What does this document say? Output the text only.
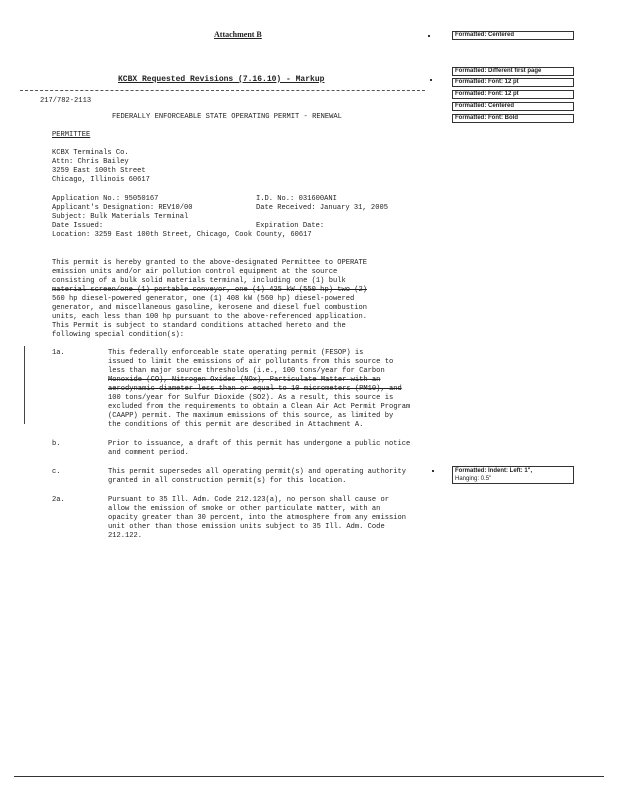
Attachment B
KCBX Requested Revisions (7.16.10) - Markup
217/782-2113
FEDERALLY ENFORCEABLE STATE OPERATING PERMIT - RENEWAL
PERMITTEE
KCBX Terminals Co.
Attn: Chris Bailey
3259 East 100th Street
Chicago, Illinois 60617
Application No.: 95050167	I.D. No.: 031600ANI
Applicant's Designation: REV10/00	Date Received: January 31, 2005
Subject: Bulk Materials Terminal
Date Issued:	Expiration Date:
Location: 3259 East 100th Street, Chicago, Cook County, 60617
This permit is hereby granted to the above-designated Permittee to OPERATE
emission units and/or air pollution control equipment at the source
consisting of a bulk solid materials terminal, including one (1) bulk
material screen/one (1) portable conveyor, one (1) 425 kW (550 hp) two (2)
560 hp diesel-powered generator, one (1) 408 kW (560 hp) diesel-powered
generator, and miscellaneous gasoline, kerosene and diesel fuel combustion
units, each less than 100 hp pursuant to the above-referenced application.
This Permit is subject to standard conditions attached hereto and the
following special condition(s):
1a.	This federally enforceable state operating permit (FESOP) is
issued to limit the emissions of air pollutants from this source to
less than major source thresholds (i.e., 100 tons/year for Carbon
Monoxide (CO), Nitrogen Oxides (NOx), Particulate Matter with an
aerodynamic diameter less than or equal to 10 micrometers (PM10), and
100 tons/year for Sulfur Dioxide (SO2). As a result, this source is
excluded from the requirements to obtain a Clean Air Act Permit Program
(CAAPP) permit. The maximum emissions of this source, as limited by
the conditions of this permit are described in Attachment A.
b.	Prior to issuance, a draft of this permit has undergone a public notice
and comment period.
c.	This permit supersedes all operating permit(s) and operating authority
granted in all construction permit(s) for this location.
2a.	Pursuant to 35 Ill. Adm. Code 212.123(a), no person shall cause or
allow the emission of smoke or other particulate matter, with an
opacity greater than 30 percent, into the atmosphere from any emission
unit other than those emission units subject to 35 Ill. Adm. Code
212.122.
Formatted: Centered
Formatted: Different first page
Formatted: Font: 12 pt
Formatted: Font: 12 pt
Formatted: Centered
Formatted: Font: Bold
Formatted: Indent: Left: 1",
Hanging: 0.5"
